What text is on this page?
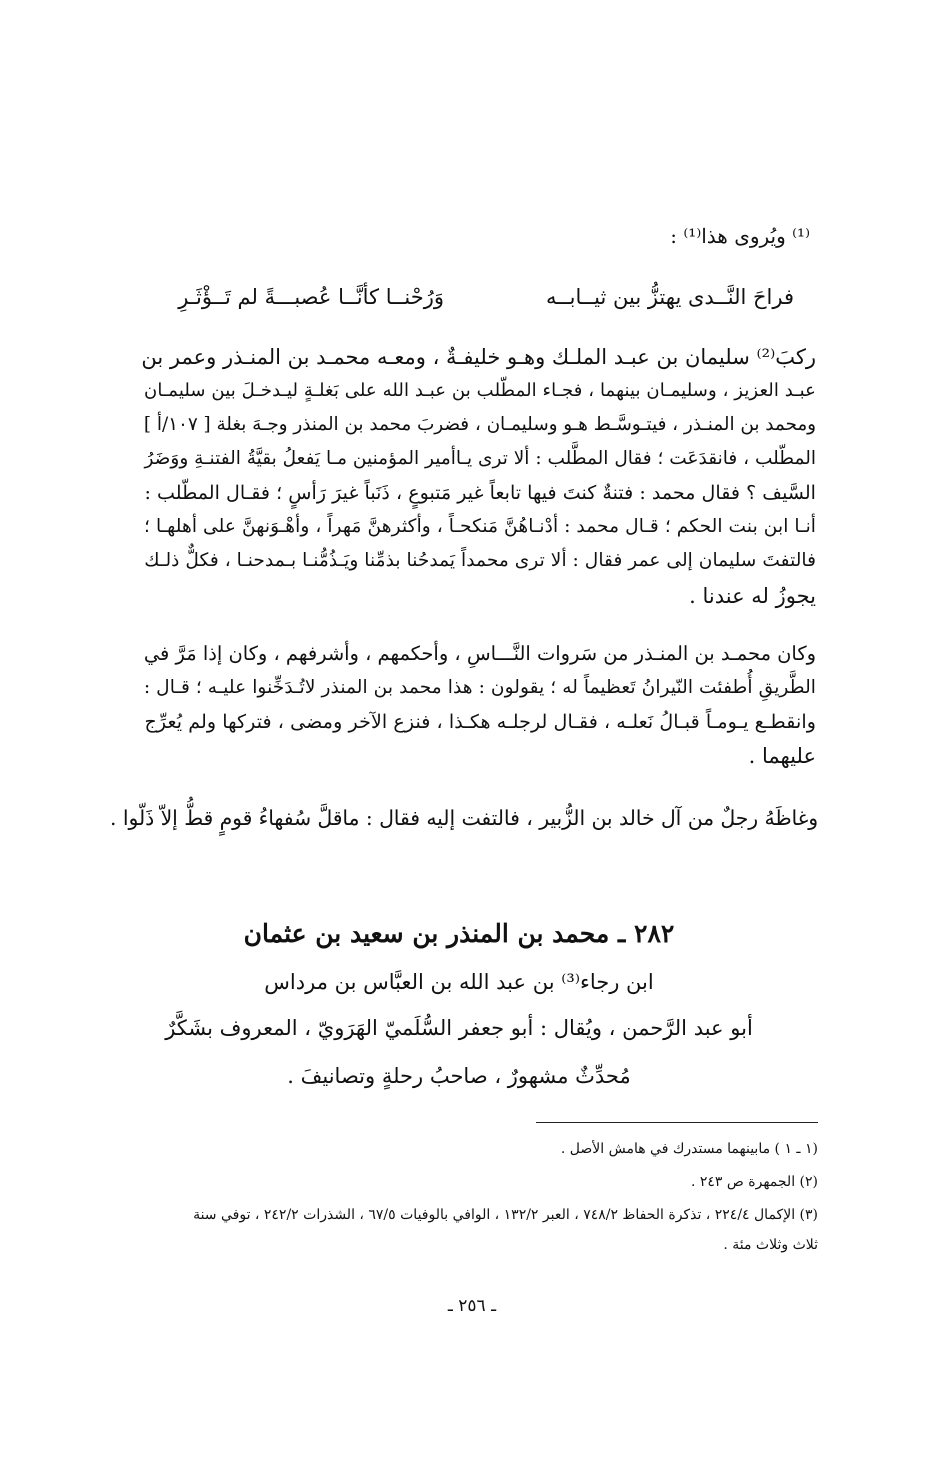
⁽¹⁾ ويُروى هذا⁽¹⁾ :
فراحَ النَّــدى يهتزُّ بين ثيــابــه
وَرُحْنــا كأنَّــا عُصبـــةً لم تَــؤْثَـرِ
ركبَ⁽²⁾ سليمان بن عبـد الملـك وهـو خليفـةٌ ، ومعـه محمـد بن المنـذر وعمر بن
عبـد العزيز ، وسليمـان بينهما ، فجـاء المطّلب بن عبـد الله على بَغلـةٍ ليـدخـلَ بين سليمـان
ومحمد بن المنـذر ، فيتـوسَّـط هـو وسليمـان ، فضربَ محمد بن المنذر وجـهَ بغلة [ ١٠٧/أ ]
المطّلب ، فانقدَعَت ؛ فقال المطَّلب : ألا ترى يـاأمير المؤمنين مـا يَفعلُ بقيَّةُ الفتنـةِ ووَضَرُ
السَّيف ؟ فقال محمد : فتنةٌ كنتَ فيها تابعاً غير مَتبوعٍ ، ذَنَباً غيرَ رَأسٍ ؛ فقـال المطّلب :
أنـا ابن بنت الحكم ؛ قـال محمد : أدْنـاهُنَّ مَنكحـاً ، وأكثرهنَّ مَهراً ، وأهْـوَنهنَّ على أهلهـا ؛
فالتفتَ سليمان إلى عمر فقال : ألا ترى محمداً يَمدحُنا بذمِّنا ويَـذُمُّنـا بـمدحنـا ، فكلٌّ ذلـك
يجوزُ له عندنا .
وكان محمـد بن المنـذر من سَروات النَّـــاسِ ، وأحكمهم ، وأشرفهم ، وكان إذا مَرَّ في
الطَّريقِ أُطفئت النّيرانُ تَعظيماً له ؛ يقولون : هذا محمد بن المنذر لاتُـدَخِّنوا عليـه ؛ قـال :
وانقطـع يـومـاً قبـالُ نَعلـه ، فقـال لرجلـه هكـذا ، فنزع الآخر ومضى ، فتركها ولم يُعرِّج
عليهما .
وغاظَهُ رجلٌ من آل خالد بن الزُّبير ، فالتفت إليه فقال : ماقلَّ سُفهاءُ قومٍ قطُّ إلاّ ذَلّوا .
٢٨٢ ـ محمد بن المنذر بن سعيد بن عثمان
ابن رجاء⁽³⁾ بن عبد الله بن العبَّاس بن مرداس
أبو عبد الرَّحمن ، ويُقال : أبو جعفر السُّلَميّ الهَرَويّ ، المعروف بشَكَّرٌ
مُحدِّثٌ مشهورٌ ، صاحبُ رحلةٍ وتصانيفَ .
(١ ـ ١ ) مابينهما مستدرك في هامش الأصل .
(٢) الجمهرة ص ٢٤٣ .
(٣) الإكمال ٢٢٤/٤ ، تذكرة الحفاظ ٧٤٨/٢ ، العبر ١٣٢/٢ ، الوافي بالوفيات ٦٧/٥ ، الشذرات ٢٤٢/٢ ، توفي سنة
ثلاث وثلاث مئة .
ـ ٢٥٦ ـ
